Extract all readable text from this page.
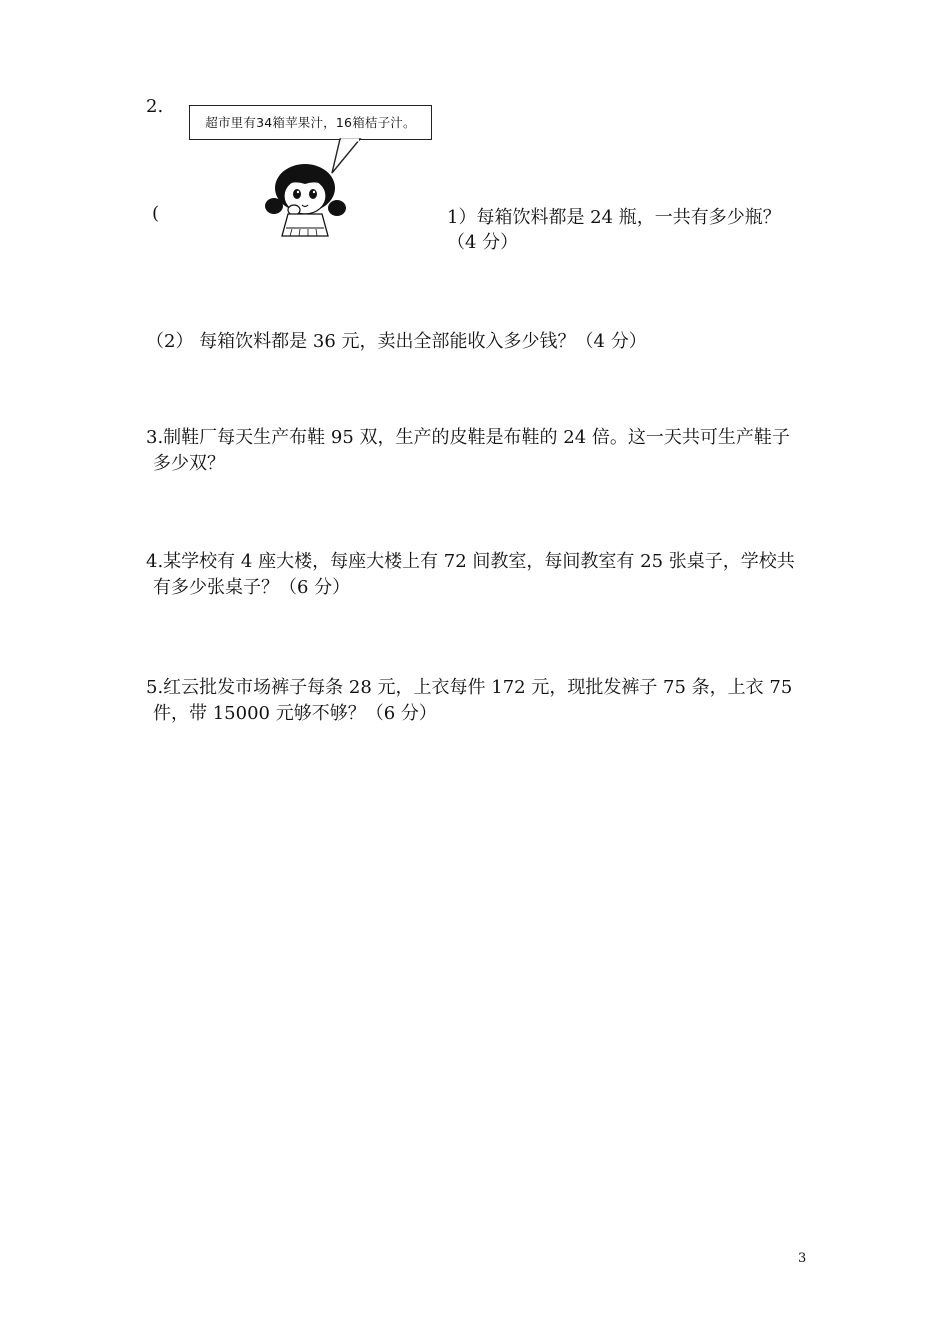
2.
超市里有34箱苹果汁，16箱桔子汁。
(	1）每箱饮料都是 24 瓶，一共有多少瓶？
（4 分）
（2） 每箱饮料都是 36 元，卖出全部能收入多少钱？（4 分）
3.制鞋厂每天生产布鞋 95 双，生产的皮鞋是布鞋的 24 倍。这一天共可生产鞋子
多少双？
4.某学校有 4 座大楼，每座大楼上有 72 间教室，每间教室有 25 张桌子，学校共
有多少张桌子？（6 分）
5.红云批发市场裤子每条 28 元，上衣每件 172 元，现批发裤子 75 条，上衣 75
件，带 15000 元够不够？（6 分）
3
